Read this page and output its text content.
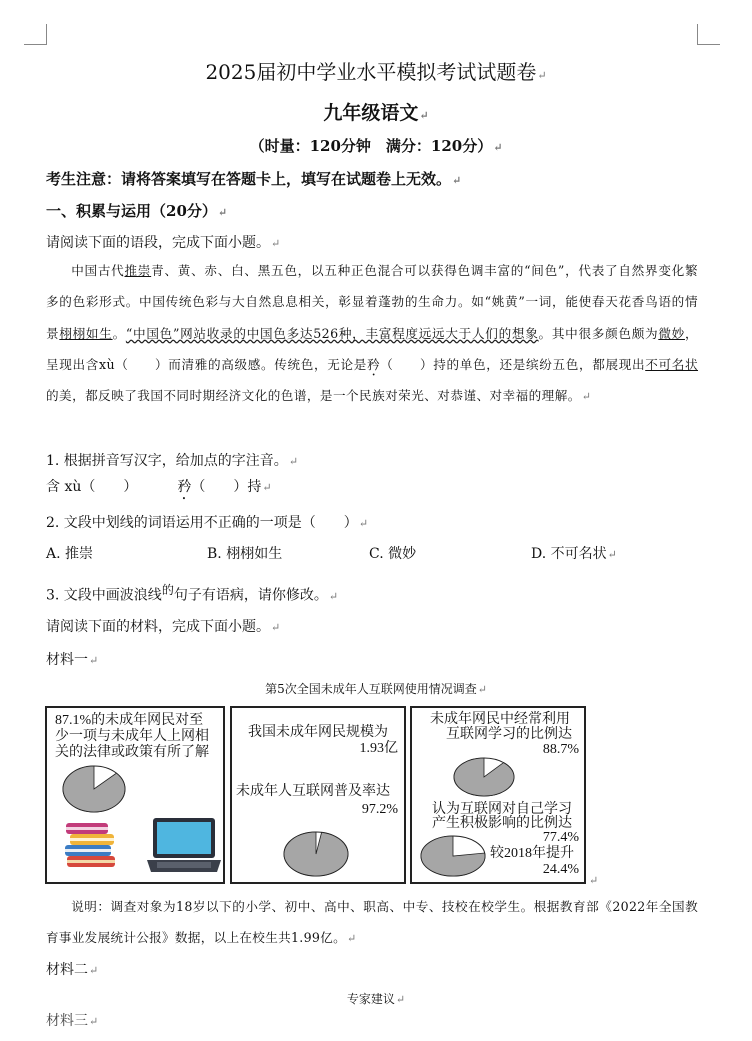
2025届初中学业水平模拟考试试题卷↵
九年级语文↵
（时量：120分钟　满分：120分）↵
考生注意：请将答案填写在答题卡上，填写在试题卷上无效。↵
一、积累与运用（20分）↵
请阅读下面的语段，完成下面小题。↵
中国古代推崇青、黄、赤、白、黑五色，以五种正色混合可以获得色调丰富的“间色”，代表了自然界变化繁多的色彩形式。中国传统色彩与大自然息息相关，彰显着蓬勃的生命力。如“姚黄”一词，能使春天花香鸟语的情景栩栩如生。“中国色”网站收录的中国色多达526种，丰富程度远远大于人们的想象。其中很多颜色颇为微妙，呈现出含xù（　　）而清雅的高级感。传统色，无论是矜（　　）持的单色，还是缤纷五色，都展现出不可名状的美，都反映了我国不同时期经济文化的色谱，是一个民族对荣光、对恭谨、对幸福的理解。↵
1. 根据拼音写汉字，给加点的字注音。↵
含 xù（　　）	矜（　　）持↵
2. 文段中划线的词语运用不正确的一项是（　　）↵
A. 推崇	B. 栩栩如生	C. 微妙	D. 不可名状↵
3. 文段中画波浪线$^的$句子有语病，请你修改。↵
请阅读下面的材料，完成下面小题。↵
材料一↵
第5次全国未成年人互联网使用情况调查↵
87.1%的未成年网民对至
少一项与未成年人上网相
关的法律或政策有所了解
我国未成年网民规模为
1.93亿
未成年人互联网普及率达
97.2%
未成年网民中经常利用
互联网学习的比例达
88.7%
认为互联网对自己学习
产生积极影响的比例达
77.4%
较2018年提升
24.4%
↵
说明：调查对象为18岁以下的小学、初中、高中、职高、中专、技校在校学生。根据教育部《2022年全国教育事业发展统计公报》数据，以上在校生共1.99亿。↵
材料二↵
专家建议↵
材料三↵
